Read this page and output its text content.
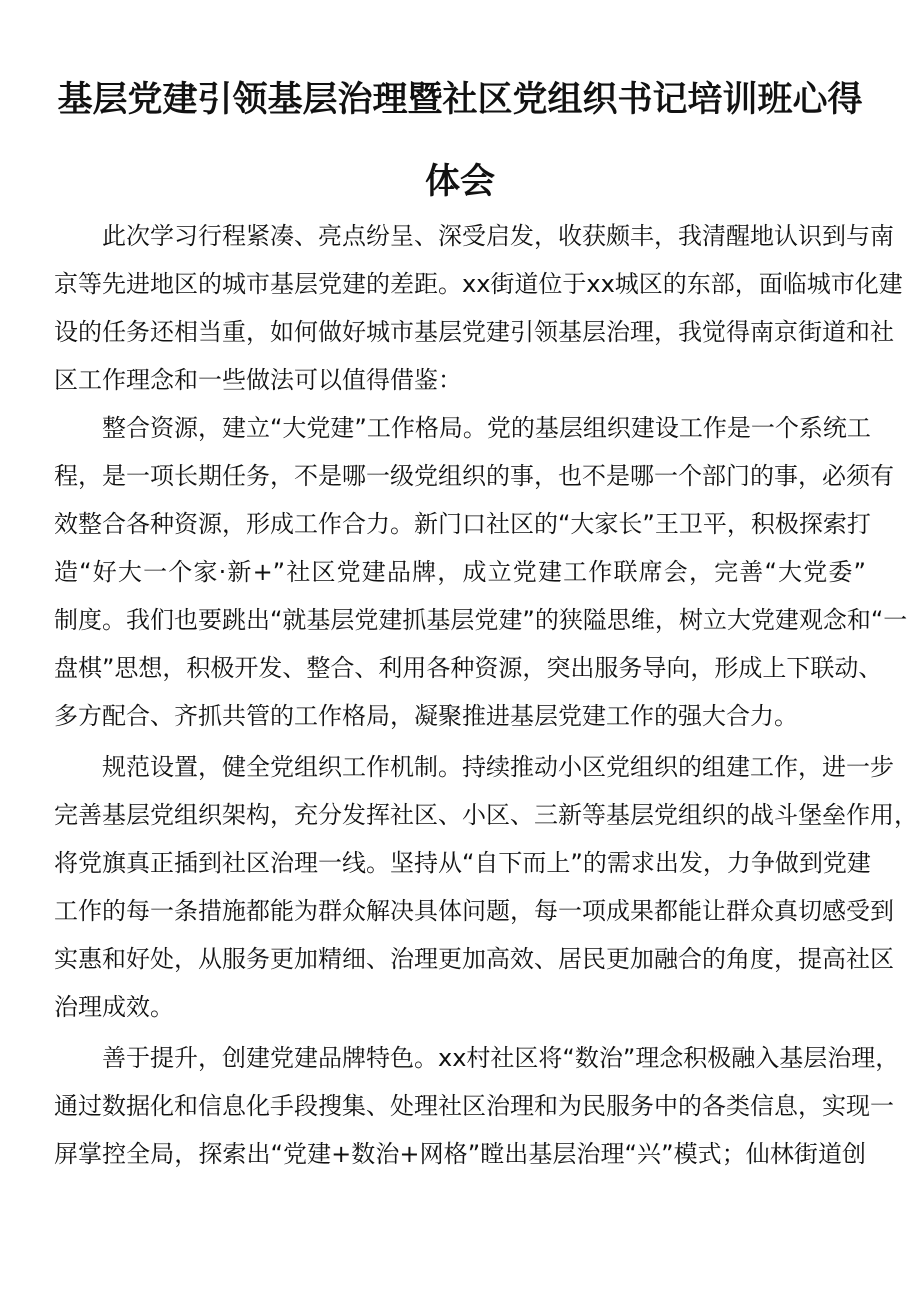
基层党建引领基层治理暨社区党组织书记培训班心得
体会
此次学习行程紧凑、亮点纷呈、深受启发，收获颇丰，我清醒地认识到与南
京等先进地区的城市基层党建的差距。xx街道位于xx城区的东部，面临城市化建
设的任务还相当重，如何做好城市基层党建引领基层治理，我觉得南京街道和社
区工作理念和一些做法可以值得借鉴：
整合资源，建立“大党建”工作格局。党的基层组织建设工作是一个系统工
程，是一项长期任务，不是哪一级党组织的事，也不是哪一个部门的事，必须有
效整合各种资源，形成工作合力。新门口社区的“大家长”王卫平，积极探索打
造“好大一个家·新+”社区党建品牌，成立党建工作联席会，完善“大党委”
制度。我们也要跳出“就基层党建抓基层党建”的狭隘思维，树立大党建观念和“一
盘棋”思想，积极开发、整合、利用各种资源，突出服务导向，形成上下联动、
多方配合、齐抓共管的工作格局，凝聚推进基层党建工作的强大合力。
规范设置，健全党组织工作机制。持续推动小区党组织的组建工作，进一步
完善基层党组织架构，充分发挥社区、小区、三新等基层党组织的战斗堡垒作用，
将党旗真正插到社区治理一线。坚持从“自下而上”的需求出发，力争做到党建
工作的每一条措施都能为群众解决具体问题，每一项成果都能让群众真切感受到
实惠和好处，从服务更加精细、治理更加高效、居民更加融合的角度，提高社区
治理成效。
善于提升，创建党建品牌特色。xx村社区将“数治”理念积极融入基层治理，
通过数据化和信息化手段搜集、处理社区治理和为民服务中的各类信息，实现一
屏掌控全局，探索出“党建+数治+网格”瞠出基层治理“兴”模式；仙林街道创
